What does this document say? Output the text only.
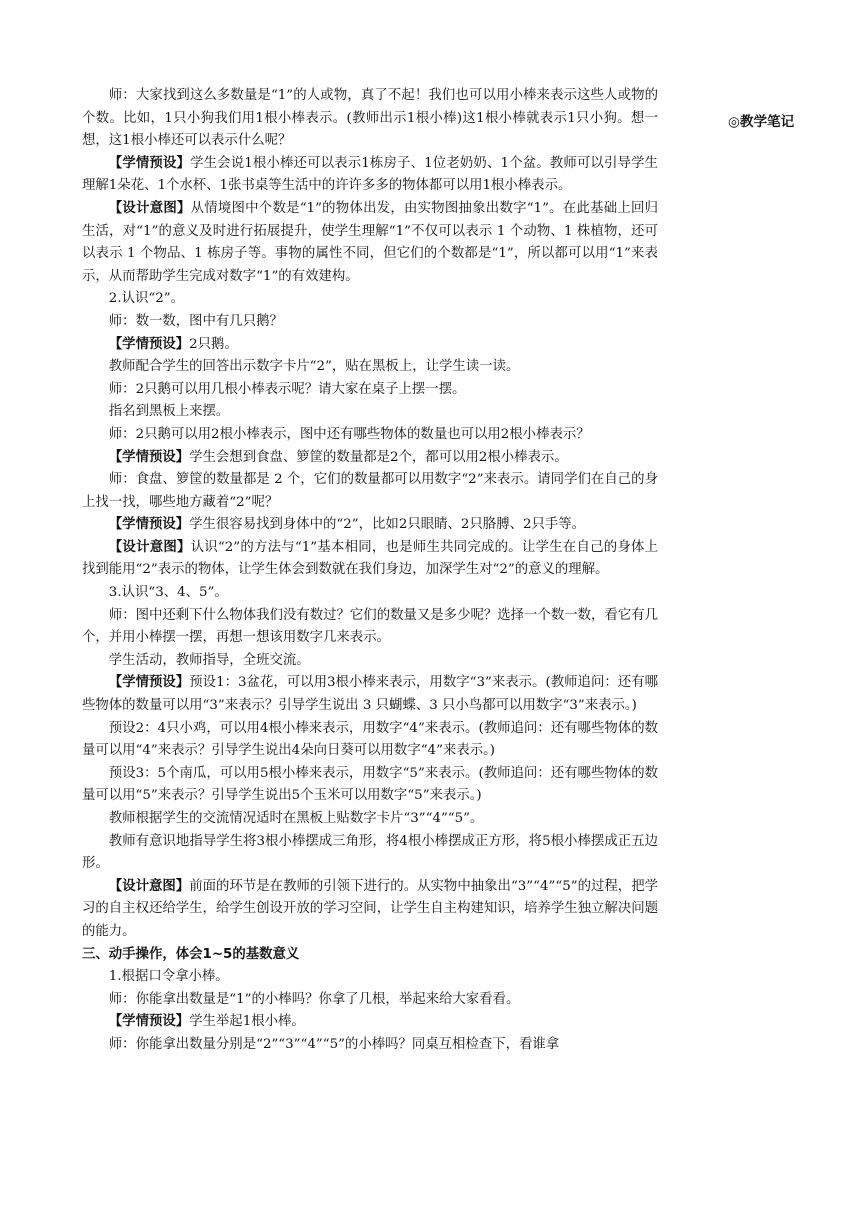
◎教学笔记

师：大家找到这么多数量是“1”的人或物，真了不起！我们也可以用小棒来表示这些人或物的个数。比如，1只小狗我们用1根小棒表示。(教师出示1根小棒)这1根小棒就表示1只小狗。想一想，这1根小棒还可以表示什么呢？

【学情预设】学生会说1根小棒还可以表示1栋房子、1位老奶奶、1个盆。教师可以引导学生理解1朵花、1个水杯、1张书桌等生活中的许许多多的物体都可以用1根小棒表示。

【设计意图】从情境图中个数是“1”的物体出发，由实物图抽象出数字“1”。在此基础上回归生活，对“1”的意义及时进行拓展提升，使学生理解“1”不仅可以表示 1 个动物、1 株植物，还可以表示 1 个物品、1 栋房子等。事物的属性不同，但它们的个数都是“1”，所以都可以用“1”来表示，从而帮助学生完成对数字“1”的有效建构。

2.认识“2”。

师：数一数，图中有几只鹅？

【学情预设】2只鹅。

教师配合学生的回答出示数字卡片“2”，贴在黑板上，让学生读一读。

师：2只鹅可以用几根小棒表示呢？请大家在桌子上摆一摆。

指名到黑板上来摆。

师：2只鹅可以用2根小棒表示，图中还有哪些物体的数量也可以用2根小棒表示？

【学情预设】学生会想到食盘、箩筐的数量都是2个，都可以用2根小棒表示。

师：食盘、箩筐的数量都是 2 个，它们的数量都可以用数字“2”来表示。请同学们在自己的身上找一找，哪些地方藏着“2”呢？

【学情预设】学生很容易找到身体中的“2”，比如2只眼睛、2只胳膊、2只手等。

【设计意图】认识“2”的方法与“1”基本相同，也是师生共同完成的。让学生在自己的身体上找到能用“2”表示的物体，让学生体会到数就在我们身边，加深学生对“2”的意义的理解。

3.认识“3、4、5”。

师：图中还剩下什么物体我们没有数过？它们的数量又是多少呢？选择一个数一数，看它有几个，并用小棒摆一摆，再想一想该用数字几来表示。

学生活动，教师指导，全班交流。

【学情预设】预设1：3盆花，可以用3根小棒来表示，用数字“3”来表示。(教师追问：还有哪些物体的数量可以用“3”来表示？引导学生说出 3 只蝴蝶、3 只小鸟都可以用数字“3”来表示。)

预设2：4只小鸡，可以用4根小棒来表示，用数字“4”来表示。(教师追问：还有哪些物体的数量可以用“4”来表示？引导学生说出4朵向日葵可以用数字“4”来表示。)

预设3：5个南瓜，可以用5根小棒来表示，用数字“5”来表示。(教师追问：还有哪些物体的数量可以用“5”来表示？引导学生说出5个玉米可以用数字“5”来表示。)

教师根据学生的交流情况适时在黑板上贴数字卡片“3”“4”“5”。

教师有意识地指导学生将3根小棒摆成三角形，将4根小棒摆成正方形，将5根小棒摆成正五边形。

【设计意图】前面的环节是在教师的引领下进行的。从实物中抽象出“3”“4”“5”的过程，把学习的自主权还给学生，给学生创设开放的学习空间，让学生自主构建知识，培养学生独立解决问题的能力。

三、动手操作，体会1~5的基数意义

1.根据口令拿小棒。

师：你能拿出数量是“1”的小棒吗？你拿了几根，举起来给大家看看。

【学情预设】学生举起1根小棒。

师：你能拿出数量分别是“2”“3”“4”“5”的小棒吗？同桌互相检查下，看谁拿
